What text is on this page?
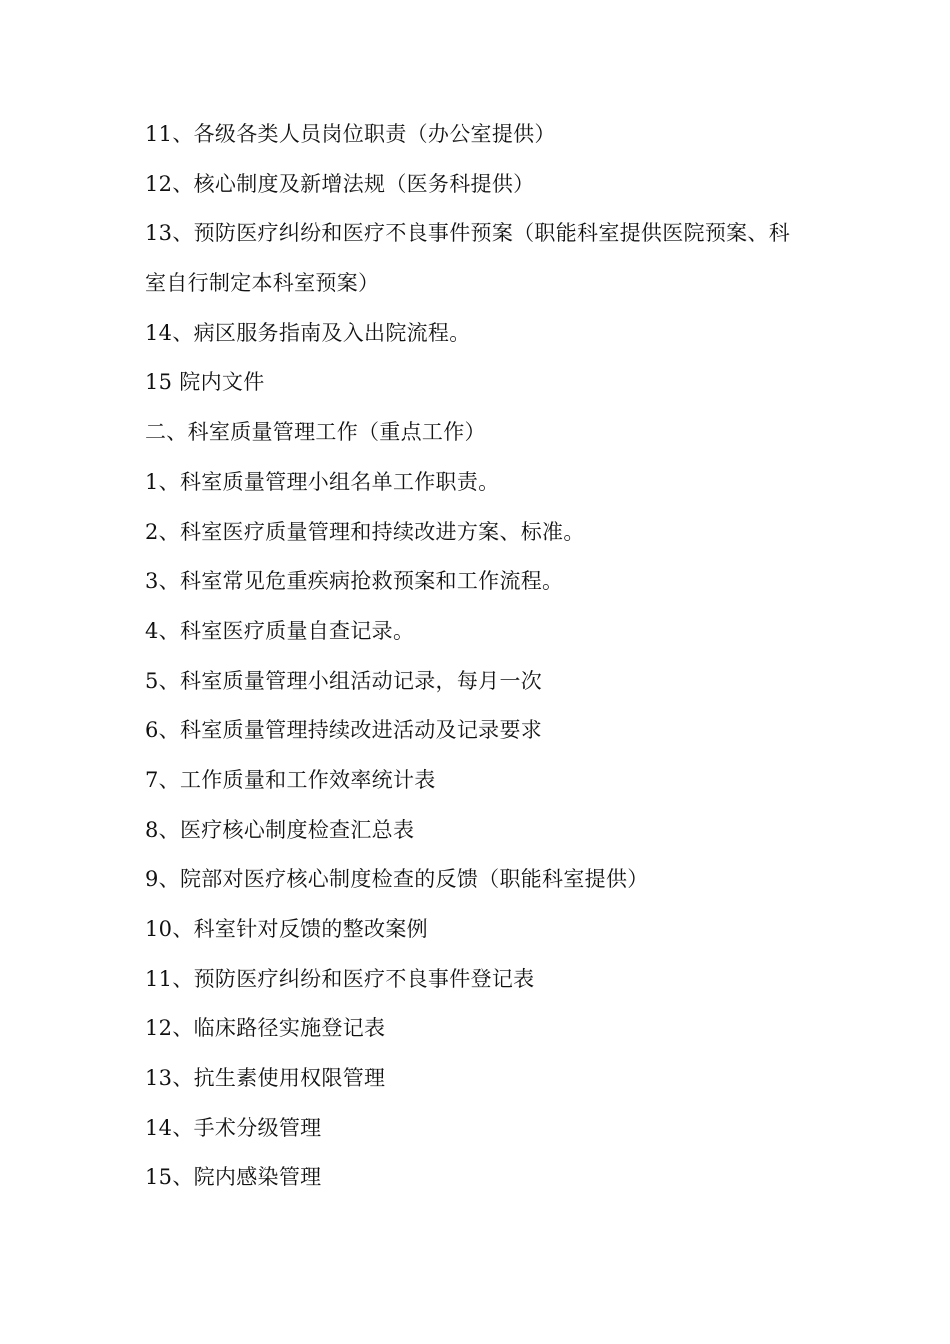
11、各级各类人员岗位职责（办公室提供）
12、核心制度及新增法规（医务科提供）
13、预防医疗纠纷和医疗不良事件预案（职能科室提供医院预案、科
室自行制定本科室预案）
14、病区服务指南及入出院流程。
15 院内文件
二、科室质量管理工作（重点工作）
1、科室质量管理小组名单工作职责。
2、科室医疗质量管理和持续改进方案、标准。
3、科室常见危重疾病抢救预案和工作流程。
4、科室医疗质量自查记录。
5、科室质量管理小组活动记录，每月一次
6、科室质量管理持续改进活动及记录要求
7、工作质量和工作效率统计表
8、医疗核心制度检查汇总表
9、院部对医疗核心制度检查的反馈（职能科室提供）
10、科室针对反馈的整改案例
11、预防医疗纠纷和医疗不良事件登记表
12、临床路径实施登记表
13、抗生素使用权限管理
14、手术分级管理
15、院内感染管理
